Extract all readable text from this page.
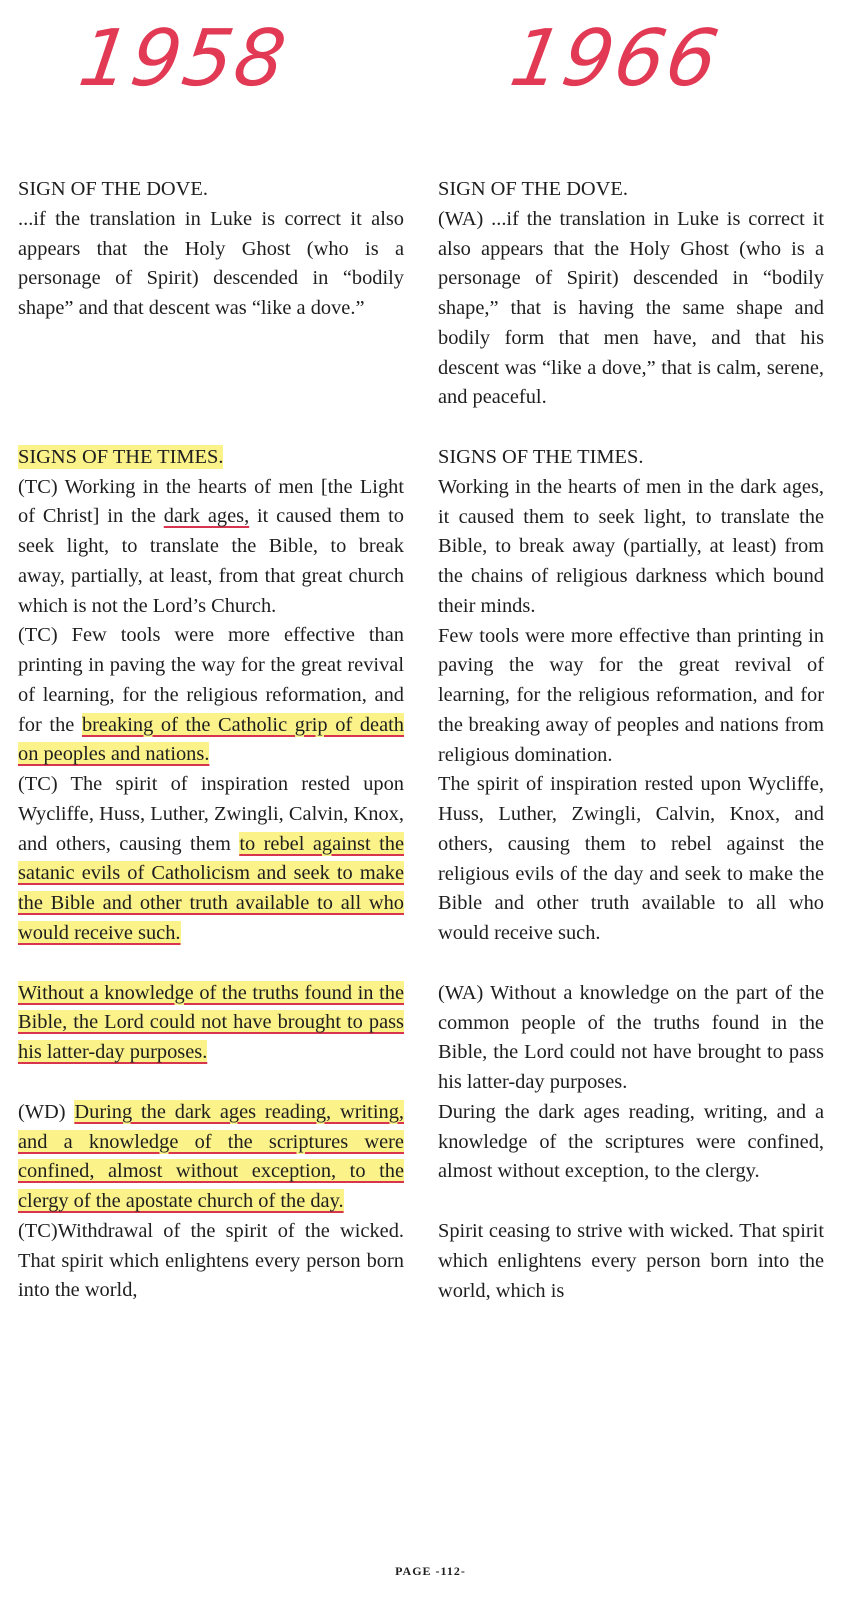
1958	1966
SIGN OF THE DOVE.
...if the translation in Luke is correct it also appears that the Holy Ghost (who is a personage of Spirit) descended in “bodily shape” and that descent was “like a dove.”
SIGNS OF THE TIMES.
(TC) Working in the hearts of men [the Light of Christ] in the dark ages, it caused them to seek light, to translate the Bible, to break away, partially, at least, from that great church which is not the Lord’s Church.
(TC) Few tools were more effective than printing in paving the way for the great revival of learning, for the religious reformation, and for the breaking of the Catholic grip of death on peoples and nations.
(TC) The spirit of inspiration rested upon Wycliffe, Huss, Luther, Zwingli, Calvin, Knox, and others, causing them to rebel against the satanic evils of Catholicism and seek to make the Bible and other truth available to all who would receive such.
Without a knowledge of the truths found in the Bible, the Lord could not have brought to pass his latter-day purposes.
(WD) During the dark ages reading, writing, and a knowledge of the scriptures were confined, almost without exception, to the clergy of the apostate church of the day.
(TC)Withdrawal of the spirit of the wicked. That spirit which enlightens every person born into the world,
SIGN OF THE DOVE.
(WA) ...if the translation in Luke is correct it also appears that the Holy Ghost (who is a personage of Spirit) descended in “bodily shape,” that is having the same shape and bodily form that men have, and that his descent was “like a dove,” that is calm, serene, and peaceful.
SIGNS OF THE TIMES.
Working in the hearts of men in the dark ages, it caused them to seek light, to translate the Bible, to break away (partially, at least) from the chains of religious darkness which bound their minds.
Few tools were more effective than printing in paving the way for the great revival of learning, for the religious reformation, and for the breaking away of peoples and nations from religious domination.
The spirit of inspiration rested upon Wycliffe, Huss, Luther, Zwingli, Calvin, Knox, and others, causing them to rebel against the religious evils of the day and seek to make the Bible and other truth available to all who would receive such.
(WA) Without a knowledge on the part of the common people of the truths found in the Bible, the Lord could not have brought to pass his latter-day purposes.
During the dark ages reading, writing, and a knowledge of the scriptures were confined, almost without exception, to the clergy.
Spirit ceasing to strive with wicked. That spirit which enlightens every person born into the world, which is
PAGE -112-
